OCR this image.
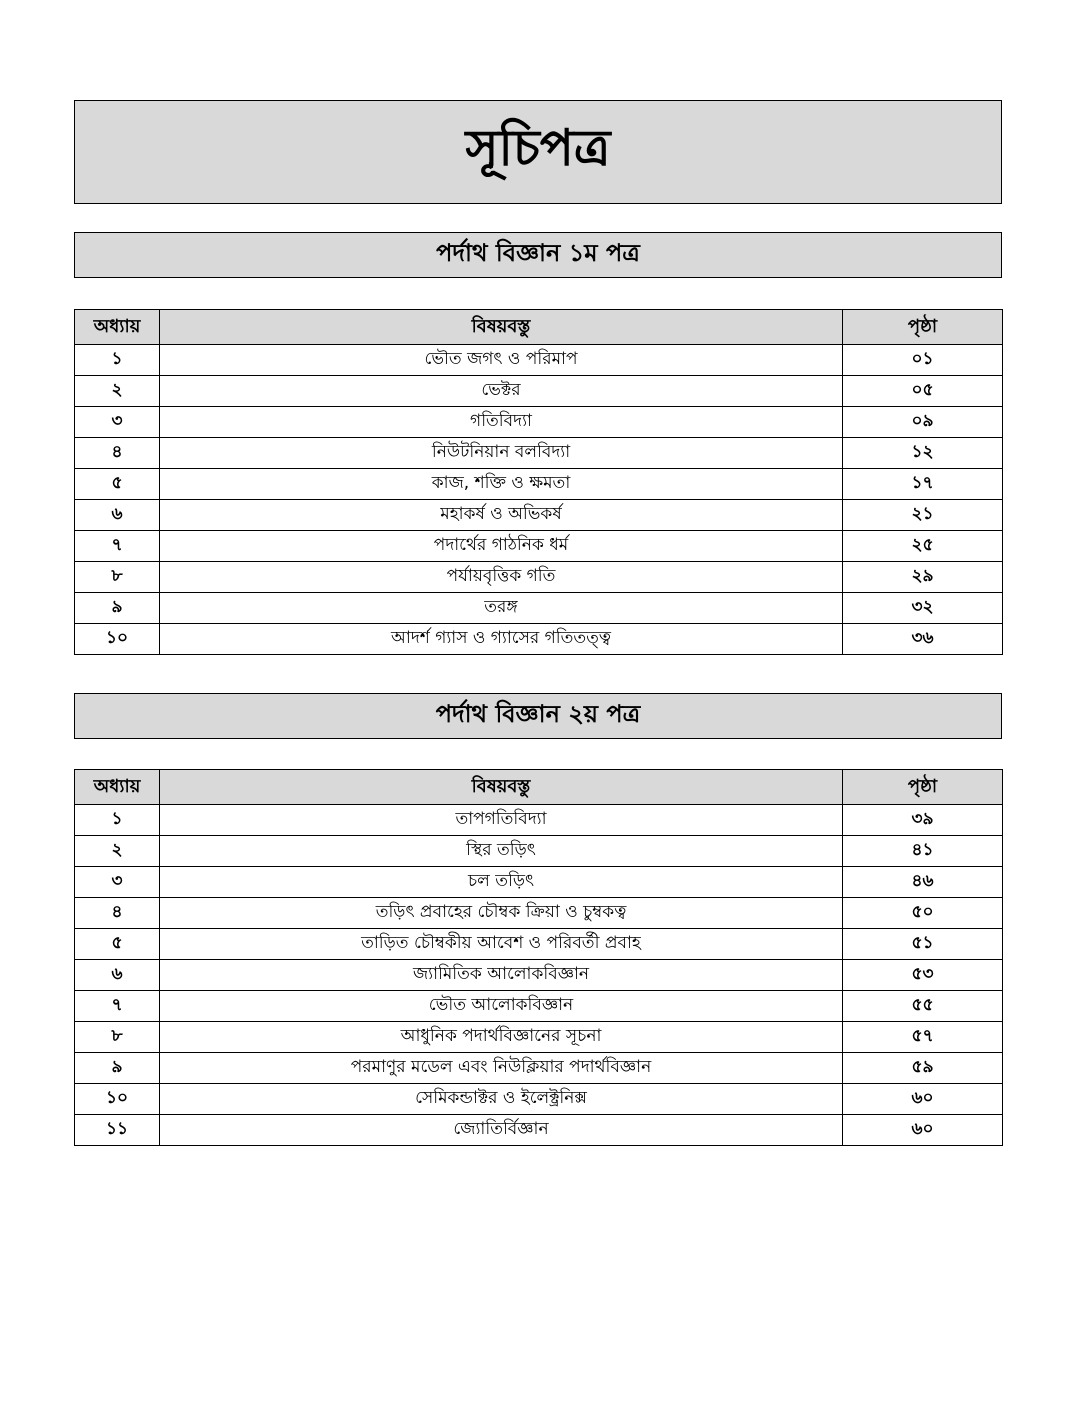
সূচিপত্র
পর্দাথ বিজ্ঞান ১ম পত্র
অধ্যায়	বিষয়বস্তু	পৃষ্ঠা
১	ভৌত জগৎ ও পরিমাপ	০১
২	ভেক্টর	০৫
৩	গতিবিদ্যা	০৯
৪	নিউটনিয়ান বলবিদ্যা	১২
৫	কাজ, শক্তি ও ক্ষমতা	১৭
৬	মহাকর্ষ ও অভিকর্ষ	২১
৭	পদার্থের গাঠনিক ধর্ম	২৫
৮	পর্যায়বৃত্তিক গতি	২৯
৯	তরঙ্গ	৩২
১০	আদর্শ গ্যাস ও গ্যাসের গতিতত্ত্ব	৩৬
পর্দাথ বিজ্ঞান ২য় পত্র
অধ্যায়	বিষয়বস্তু	পৃষ্ঠা
১	তাপগতিবিদ্যা	৩৯
২	স্থির তড়িৎ	৪১
৩	চল তড়িৎ	৪৬
৪	তড়িৎ প্রবাহের চৌম্বক ক্রিয়া ও চুম্বকত্ব	৫০
৫	তাড়িত চৌম্বকীয় আবেশ ও পরিবর্তী প্রবাহ	৫১
৬	জ্যামিতিক আলোকবিজ্ঞান	৫৩
৭	ভৌত আলোকবিজ্ঞান	৫৫
৮	আধুনিক পদার্থবিজ্ঞানের সূচনা	৫৭
৯	পরমাণুর মডেল এবং নিউক্লিয়ার পদার্থবিজ্ঞান	৫৯
১০	সেমিকন্ডাক্টর ও ইলেক্ট্রনিক্স	৬০
১১	জ্যোতির্বিজ্ঞান	৬০
